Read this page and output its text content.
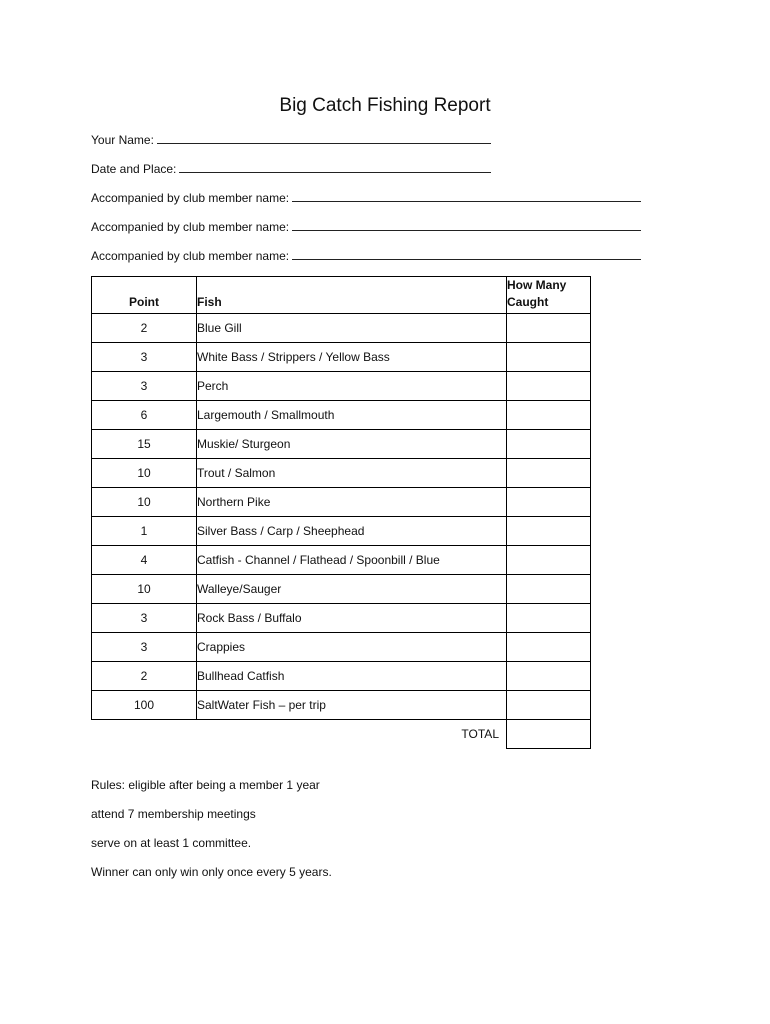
Big Catch Fishing Report
Your Name:
Date and Place:
Accompanied by club member name:
Accompanied by club member name:
Accompanied by club member name:
Point	Fish	How Many
Caught
2	Blue Gill	
3	White Bass / Strippers / Yellow Bass	
3	Perch	
6	Largemouth / Smallmouth	
15	Muskie/ Sturgeon	
10	Trout / Salmon	
10	Northern Pike	
1	Silver Bass / Carp / Sheephead	
4	Catfish - Channel / Flathead / Spoonbill / Blue	
10	Walleye/Sauger	
3	Rock Bass / Buffalo	
3	Crappies	
2	Bullhead Catfish	
100	SaltWater Fish – per trip	
	TOTAL	
Rules: eligible after being a member 1 year
attend 7 membership meetings
serve on at least 1 committee.
Winner can only win only once every 5 years.
